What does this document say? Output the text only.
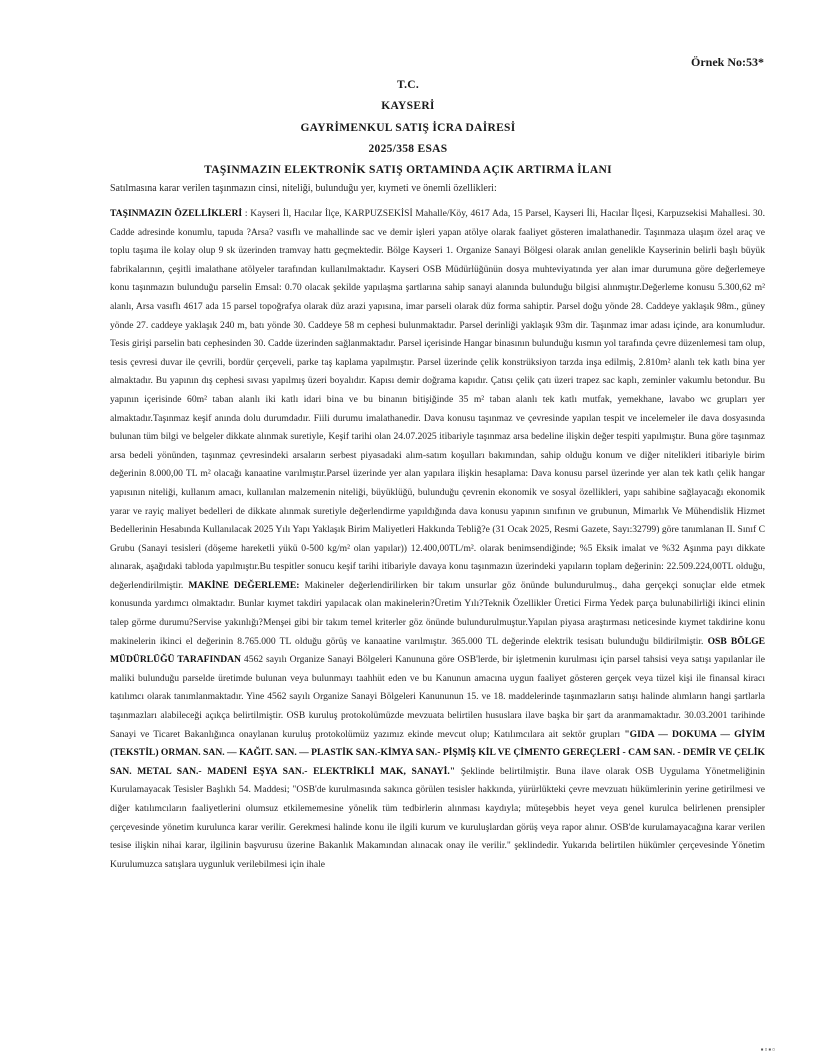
Örnek No:53*
T.C.
KAYSERİ
GAYRİMENKUL SATIŞ İCRA DAİRESİ
2025/358 ESAS
TAŞINMAZIN ELEKTRONİK SATIŞ ORTAMINDA AÇIK ARTIRMA İLANI
Satılmasına karar verilen taşınmazın cinsi, niteliği, bulunduğu yer, kıymeti ve önemli özellikleri:
TAŞINMAZIN ÖZELLİKLERİ : Kayseri İl, Hacılar İlçe, KARPUZSEKİSİ Mahalle/Köy, 4617 Ada, 15 Parsel, Kayseri İli, Hacılar İlçesi, Karpuzsekisi Mahallesi. 30. Cadde adresinde konumlu, tapuda ?Arsa? vasıflı ve mahallinde sac ve demir işleri yapan atölye olarak faaliyet gösteren imalathanedir. Taşınmaza ulaşım özel araç ve toplu taşıma ile kolay olup 9 sk üzerinden tramvay hattı geçmektedir. Bölge Kayseri 1. Organize Sanayi Bölgesi olarak anılan genelikle Kayserinin belirli başlı büyük fabrikalarının, çeşitli imalathane atölyeler tarafından kullanılmaktadır. Kayseri OSB Müdürlüğünün dosya muhteviyatında yer alan imar durumuna göre değerlemeye konu taşınmazın bulunduğu parselin Emsal: 0.70 olacak şekilde yapılaşma şartlarına sahip sanayi alanında bulunduğu bilgisi alınmıştır.Değerleme konusu 5.300,62 m² alanlı, Arsa vasıflı 4617 ada 15 parsel topoğrafya olarak düz arazi yapısına, imar parseli olarak düz forma sahiptir. Parsel doğu yönde 28. Caddeye yaklaşık 98m., güney yönde 27. caddeye yaklaşık 240 m, batı yönde 30. Caddeye 58 m cephesi bulunmaktadır. Parsel derinliği yaklaşık 93m dir. Taşınmaz imar adası içinde, ara konumludur. Tesis girişi parselin batı cephesinden 30. Cadde üzerinden sağlanmaktadır. Parsel içerisinde Hangar binasının bulunduğu kısmın yol tarafında çevre düzenlemesi tam olup, tesis çevresi duvar ile çevrili, bordür çerçeveli, parke taş kaplama yapılmıştır. Parsel üzerinde çelik konstrüksiyon tarzda inşa edilmiş, 2.810m² alanlı tek katlı bina yer almaktadır. Bu yapının dış cephesi sıvası yapılmış üzeri boyalıdır. Kapısı demir doğrama kapıdır. Çatısı çelik çatı üzeri trapez sac kaplı, zeminler vakumlu betondur. Bu yapının içerisinde 60m² taban alanlı iki katlı idari bina ve bu binanın bitişiğinde 35 m² taban alanlı tek katlı mutfak, yemekhane, lavabo wc grupları yer almaktadır.Taşınmaz keşif anında dolu durumdadır. Fiili durumu imalathanedir. Dava konusu taşınmaz ve çevresinde yapılan tespit ve incelemeler ile dava dosyasında bulunan tüm bilgi ve belgeler dikkate alınmak suretiyle, Keşif tarihi olan 24.07.2025 itibariyle taşınmaz arsa bedeline ilişkin değer tespiti yapılmıştır. Buna göre taşınmaz arsa bedeli yönünden, taşınmaz çevresindeki arsaların serbest piyasadaki alım-satım koşulları bakımından, sahip olduğu konum ve diğer nitelikleri itibariyle birim değerinin 8.000,00 TL m² olacağı kanaatine varılmıştır.Parsel üzerinde yer alan yapılara ilişkin hesaplama: Dava konusu parsel üzerinde yer alan tek katlı çelik hangar yapısının niteliği, kullanım amacı, kullanılan malzemenin niteliği, büyüklüğü, bulunduğu çevrenin ekonomik ve sosyal özellikleri, yapı sahibine sağlayacağı ekonomik yarar ve rayiç maliyet bedelleri de dikkate alınmak suretiyle değerlendirme yapıldığında dava konusu yapının sınıfının ve grubunun, Mimarlık Ve Mühendislik Hizmet Bedellerinin Hesabında Kullanılacak 2025 Yılı Yapı Yaklaşık Birim Maliyetleri Hakkında Tebliğ?e (31 Ocak 2025, Resmi Gazete, Sayı:32799) göre tanımlanan II. Sınıf C Grubu (Sanayi tesisleri (döşeme hareketli yükü 0-500 kg/m² olan yapılar)) 12.400,00TL/m². olarak benimsendiğinde; %5 Eksik imalat ve %32 Aşınma payı dikkate alınarak, aşağıdaki tabloda yapılmıştır.Bu tespitler sonucu keşif tarihi itibariyle davaya konu taşınmazın üzerindeki yapıların toplam değerinin: 22.509.224,00TL olduğu, değerlendirilmiştir. MAKİNE DEĞERLEME: Makineler değerlendirilirken bir takım unsurlar göz önünde bulundurulmuş., daha gerçekçi sonuçlar elde etmek konusunda yardımcı olmaktadır. Bunlar kıymet takdiri yapılacak olan makinelerin?Üretim Yılı?Teknik Özellikler Üretici Firma Yedek parça bulunabilirliği ikinci elinin talep görme durumu?Servise yakınlığı?Menşei gibi bir takım temel kriterler göz önünde bulundurulmuştur.Yapılan piyasa araştırması neticesinde kıymet takdirine konu makinelerin ikinci el değerinin 8.765.000 TL olduğu görüş ve kanaatine varılmıştır. 365.000 TL değerinde elektrik tesisatı bulunduğu bildirilmiştir. OSB BÖLGE MÜDÜRLÜĞÜ TARAFINDAN 4562 sayılı Organize Sanayi Bölgeleri Kanununa göre OSB'lerde, bir işletmenin kurulması için parsel tahsisi veya satışı yapılanlar ile maliki bulunduğu parselde üretimde bulunan veya bulunmayı taahhüt eden ve bu Kanunun amacına uygun faaliyet gösteren gerçek veya tüzel kişi ile finansal kiracı katılımcı olarak tanımlanmaktadır. Yine 4562 sayılı Organize Sanayi Bölgeleri Kanununun 15. ve 18. maddelerinde taşınmazların satışı halinde alımların hangi şartlarla taşınmazları alabileceği açıkça belirtilmiştir. OSB kuruluş protokolümüzde mevzuata belirtilen hususlara ilave başka bir şart da aranmamaktadır. 30.03.2001 tarihinde Sanayi ve Ticaret Bakanlığınca onaylanan kuruluş protokolümüz yazımız ekinde mevcut olup; Katılımcılara ait sektör grupları "GIDA — DOKUMA — GİYİM (TEKSTİL) ORMAN. SAN. — KAĞIT. SAN. — PLASTİK SAN.-KİMYA SAN.- PİŞMİŞ KİL VE ÇİMENTO GEREÇLERİ - CAM SAN. - DEMİR VE ÇELİK SAN. METAL SAN.- MADENİ EŞYA SAN.- ELEKTRİKLİ MAK, SANAYİ." Şeklinde belirtilmiştir. Buna ilave olarak OSB Uygulama Yönetmeliğinin Kurulamayacak Tesisler Başlıklı 54. Maddesi; "OSB'de kurulmasında sakınca görülen tesisler hakkında, yürürlükteki çevre mevzuatı hükümlerinin yerine getirilmesi ve diğer katılımcıların faaliyetlerini olumsuz etkilememesine yönelik tüm tedbirlerin alınması kaydıyla; müteşebbis heyet veya genel kurulca belirlenen prensipler çerçevesinde yönetim kurulunca karar verilir. Gerekmesi halinde konu ile ilgili kurum ve kuruluşlardan görüş veya rapor alınır. OSB'de kurulamayacağına karar verilen tesise ilişkin nihai karar, ilgilinin başvurusu üzerine Bakanlık Makamından alınacak onay ile verilir." şeklindedir. Yukarıda belirtilen hükümler çerçevesinde Yönetim Kurulumuzca satışlara uygunluk verilebilmesi için ihale
▪▫▪▫
